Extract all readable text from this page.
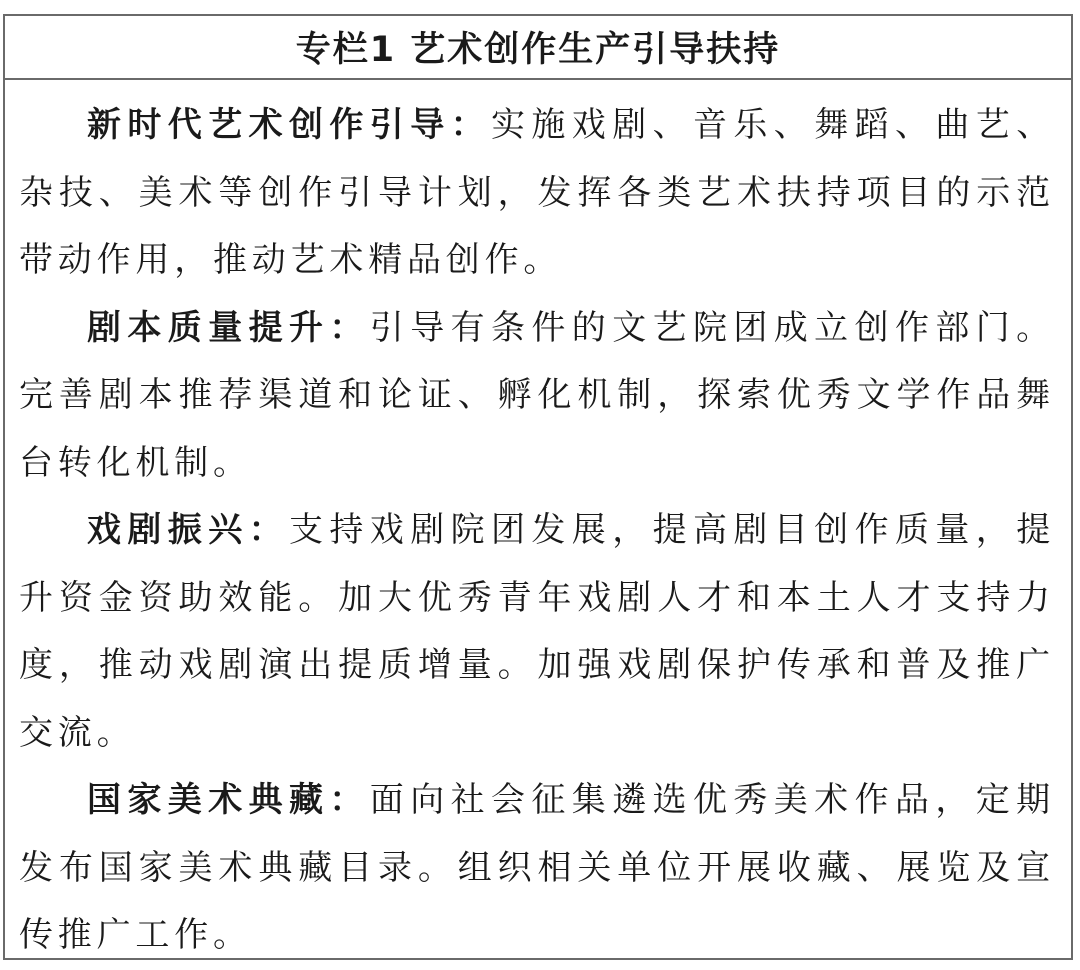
专栏1 艺术创作生产引导扶持

新时代艺术创作引导：实施戏剧、音乐、舞蹈、曲艺、杂技、美术等创作引导计划，发挥各类艺术扶持项目的示范带动作用，推动艺术精品创作。

剧本质量提升：引导有条件的文艺院团成立创作部门。完善剧本推荐渠道和论证、孵化机制，探索优秀文学作品舞台转化机制。

戏剧振兴：支持戏剧院团发展，提高剧目创作质量，提升资金资助效能。加大优秀青年戏剧人才和本土人才支持力度，推动戏剧演出提质增量。加强戏剧保护传承和普及推广交流。

国家美术典藏：面向社会征集遴选优秀美术作品，定期发布国家美术典藏目录。组织相关单位开展收藏、展览及宣传推广工作。
